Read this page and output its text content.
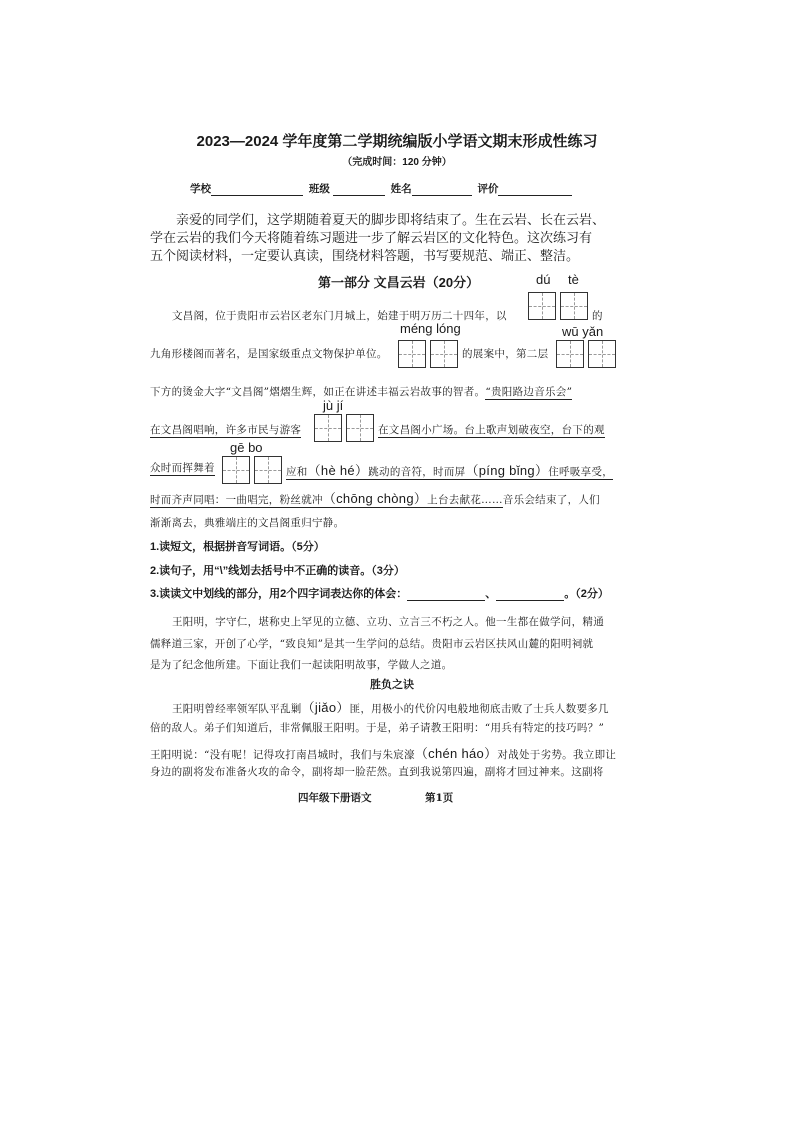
2023—2024 学年度第二学期统编版小学语文期末形成性练习
（完成时间：120 分钟）
学校	班级	姓名	评价
亲爱的同学们，这学期随着夏天的脚步即将结束了。生在云岩、长在云岩、
学在云岩的我们今天将随着练习题进一步了解云岩区的文化特色。这次练习有
五个阅读材料，一定要认真读，围绕材料答题，书写要规范、端正、整洁。
第一部分 文昌云岩（20分）	dú tè
文昌阁，位于贵阳市云岩区老东门月城上，始建于明万历二十四年，以	的
méng lóng	wū yǎn
九角形楼阁而著名，是国家级重点文物保护单位。	的展案中，第二层
下方的烫金大字“文昌阁”熠熠生辉，如正在讲述丰福云岩故事的智者。“贵阳路边音乐会”
jù jí
在文昌阁唱响，许多市民与游客	在文昌阁小广场。台上歌声划破夜空，台下的观
gē bo
众时而挥舞着	应和（hè hé）跳动的音符，时而屏（píng bǐng）住呼吸享受，
时而齐声同唱：一曲唱完，粉丝就冲（chōng chòng）上台去献花……音乐会结束了，人们
渐渐离去，典雅端庄的文昌阁重归宁静。
1.读短文，根据拼音写词语。（5分）
2.读句子，用“\”线划去括号中不正确的读音。（3分）
3.读读文中划线的部分，用2个四字词表达你的体会：	、	。（2分）
王阳明，字守仁，堪称史上罕见的立德、立功、立言三不朽之人。他一生都在做学问，精通
儒释道三家，开创了心学，“致良知”是其一生学问的总结。贵阳市云岩区扶风山麓的阳明祠就
是为了纪念他所建。下面让我们一起读阳明故事，学做人之道。
胜负之诀
王阳明曾经率领军队平乱剿（jiǎo）匪，用极小的代价闪电般地彻底击败了士兵人数要多几
倍的敌人。弟子们知道后，非常佩服王阳明。于是，弟子请教王阳明：“用兵有特定的技巧吗？”
王阳明说：“没有呢！记得攻打南昌城时，我们与朱宸濠（chén háo）对战处于劣势。我立即让
身边的副将发布准备火攻的命令，副将却一脸茫然。直到我说第四遍，副将才回过神来。这副将
四年级下册语文	第1页
